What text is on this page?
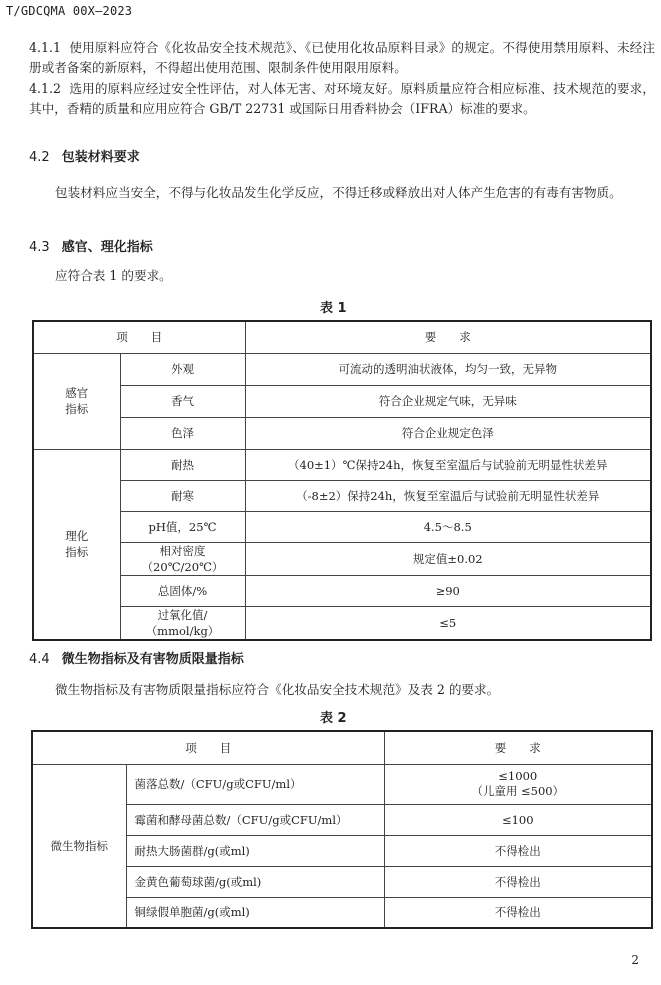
T/GDCQMA 00X—2023
4.1.1 使用原料应符合《化妆品安全技术规范》、《已使用化妆品原料目录》的规定。不得使用禁用原料、未经注册或者备案的新原料，不得超出使用范围、限制条件使用限用原料。
4.1.2 选用的原料应经过安全性评估，对人体无害、对环境友好。原料质量应符合相应标准、技术规范的要求，其中，香精的质量和应用应符合 GB/T 22731 或国际日用香料协会（IFRA）标准的要求。
4.2 包装材料要求
包装材料应当安全，不得与化妆品发生化学反应，不得迁移或释放出对人体产生危害的有毒有害物质。
4.3 感官、理化指标
应符合表 1 的要求。
表 1
项　　目		要　　求
感官指标	外观	可流动的透明油状液体，均匀一致，无异物
	香气	符合企业规定气味，无异味
	色泽	符合企业规定色泽
理化指标	耐热	（40±1）℃保持24h，恢复至室温后与试验前无明显性状差异
	耐寒	（-8±2）保持24h，恢复至室温后与试验前无明显性状差异
	pH值，25℃	4.5～8.5
	相对密度（20℃/20℃）	规定值±0.02
	总固体/%	≥90
	过氧化值/（mmol/kg）	≤5
4.4 微生物指标及有害物质限量指标
微生物指标及有害物质限量指标应符合《化妆品安全技术规范》及表 2 的要求。
表 2
项　　目		要　　求
微生物指标	菌落总数/（CFU/g或CFU/ml）	≤1000
（儿童用 ≤500）

	霉菌和酵母菌总数/（CFU/g或CFU/ml）	≤100
	耐热大肠菌群/g(或ml)	不得检出
	金黄色葡萄球菌/g(或ml)	不得检出
	铜绿假单胞菌/g(或ml)	不得检出
2
